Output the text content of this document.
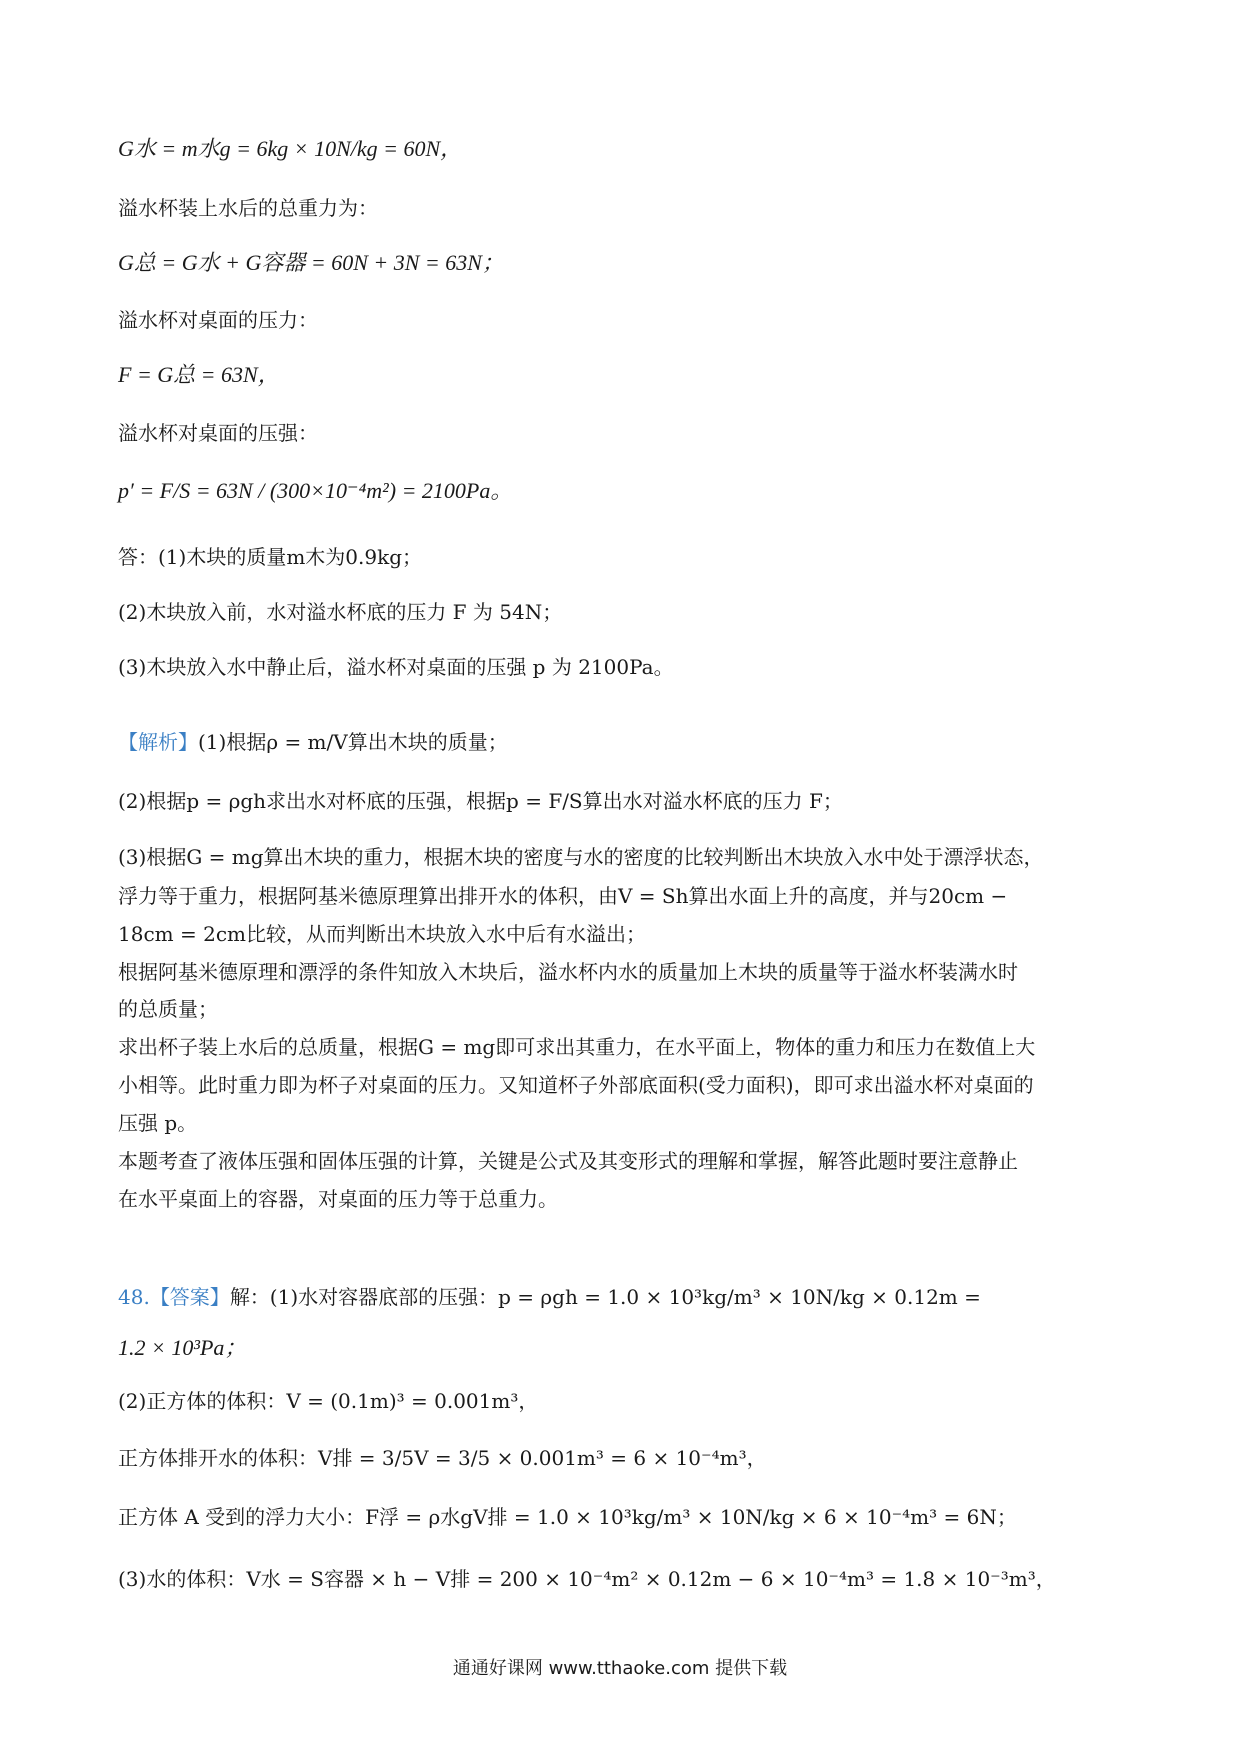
G水 = m水g = 6kg × 10N/kg = 60N，
溢水杯装上水后的总重力为：
G总 = G水 + G容器 = 60N + 3N = 63N；
溢水杯对桌面的压力：
F = G总 = 63N，
溢水杯对桌面的压强：
p′ = F/S = 63N / (300×10⁻⁴m²) = 2100Pa。
答：(1)木块的质量m木为0.9kg；
(2)木块放入前，水对溢水杯底的压力 F 为 54N；
(3)木块放入水中静止后，溢水杯对桌面的压强 p 为 2100Pa。
【解析】(1)根据ρ = m/V算出木块的质量；
(2)根据p = ρgh求出水对杯底的压强，根据p = F/S算出水对溢水杯底的压力 F；
(3)根据G = mg算出木块的重力，根据木块的密度与水的密度的比较判断出木块放入水中处于漂浮状态，
浮力等于重力，根据阿基米德原理算出排开水的体积，由V = Sh算出水面上升的高度，并与20cm −
18cm = 2cm比较，从而判断出木块放入水中后有水溢出；
根据阿基米德原理和漂浮的条件知放入木块后，溢水杯内水的质量加上木块的质量等于溢水杯装满水时
的总质量；
求出杯子装上水后的总质量，根据G = mg即可求出其重力，在水平面上，物体的重力和压力在数值上大
小相等。此时重力即为杯子对桌面的压力。又知道杯子外部底面积(受力面积)，即可求出溢水杯对桌面的
压强 p。
本题考查了液体压强和固体压强的计算，关键是公式及其变形式的理解和掌握，解答此题时要注意静止
在水平桌面上的容器，对桌面的压力等于总重力。
48.【答案】解：(1)水对容器底部的压强：p = ρgh = 1.0 × 10³kg/m³ × 10N/kg × 0.12m =
1.2 × 10³Pa；
(2)正方体的体积：V = (0.1m)³ = 0.001m³，
正方体排开水的体积：V排 = 3/5V = 3/5 × 0.001m³ = 6 × 10⁻⁴m³，
正方体 A 受到的浮力大小：F浮 = ρ水gV排 = 1.0 × 10³kg/m³ × 10N/kg × 6 × 10⁻⁴m³ = 6N；
(3)水的体积：V水 = S容器 × h − V排 = 200 × 10⁻⁴m² × 0.12m − 6 × 10⁻⁴m³ = 1.8 × 10⁻³m³，
通通好课网 www.tthaoke.com 提供下载
